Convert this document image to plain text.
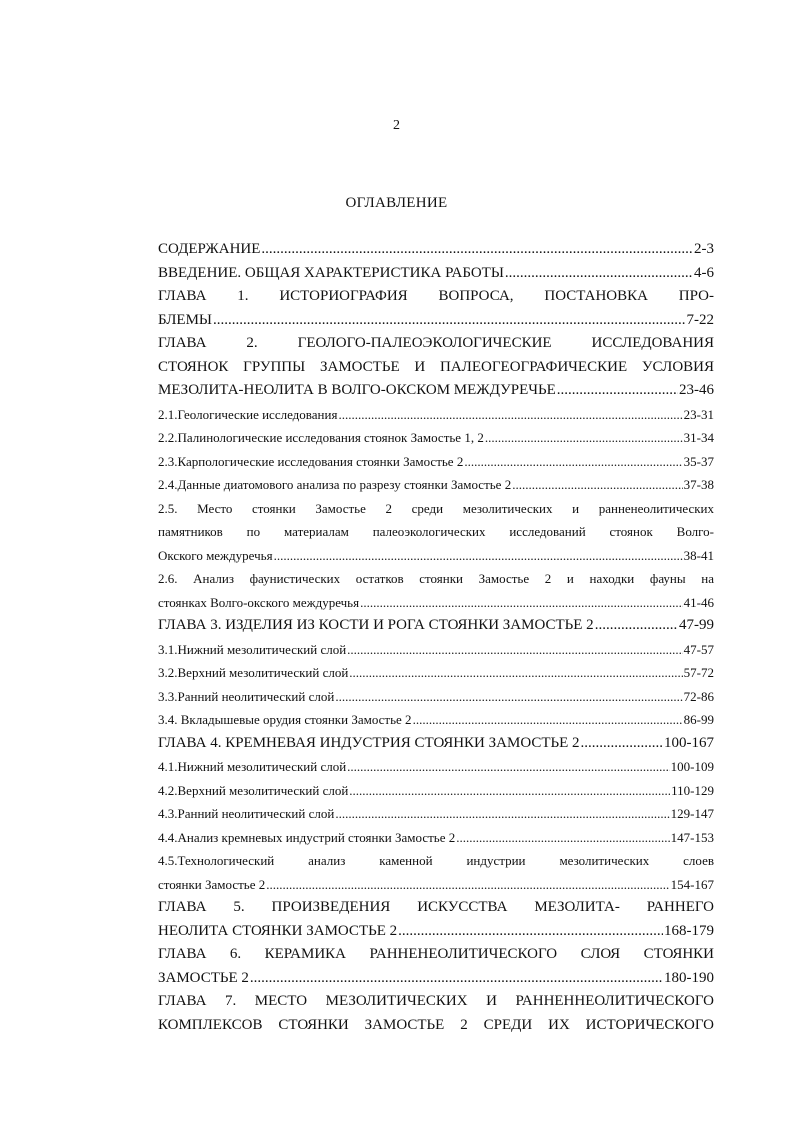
2
ОГЛАВЛЕНИЕ
СОДЕРЖАНИЕ .....	2-3
ВВЕДЕНИЕ. ОБЩАЯ ХАРАКТЕРИСТИКА РАБОТЫ .....	4-6
ГЛАВА 1. ИСТОРИОГРАФИЯ ВОПРОСА, ПОСТАНОВКА ПРО-
БЛЕМЫ .....	7-22
ГЛАВА 2. ГЕОЛОГО-ПАЛЕОЭКОЛОГИЧЕСКИЕ ИССЛЕДОВАНИЯ
СТОЯНОК ГРУППЫ ЗАМОСТЬЕ И ПАЛЕОГЕОГРАФИЧЕСКИЕ УСЛОВИЯ
МЕЗОЛИТА-НЕОЛИТА В ВОЛГО-ОКСКОМ МЕЖДУРЕЧЬЕ .....	23-46
2.1.Геологические исследования .....	23-31
2.2.Палинологические исследования стоянок Замостье 1, 2 .....	31-34
2.3.Карпологические исследования стоянки Замостье 2 .....	35-37
2.4.Данные диатомового анализа по разрезу стоянки Замостье 2 .....	37-38
2.5. Место стоянки Замостье 2 среди мезолитических и ранненеолитических
памятников по материалам палеоэкологических исследований стоянок Волго-
Окского междуречья .....	38-41
2.6. Анализ фаунистических остатков стоянки Замостье 2 и находки фауны на
стоянках Волго-окского междуречья .....	41-46
ГЛАВА 3. ИЗДЕЛИЯ ИЗ КОСТИ И РОГА СТОЯНКИ ЗАМОСТЬЕ 2 .....	47-99
3.1.Нижний мезолитический слой .....	47-57
3.2.Верхний мезолитический слой .....	57-72
3.3.Ранний неолитический слой .....	72-86
3.4. Вкладышевые орудия стоянки Замостье 2 .....	86-99
ГЛАВА 4. КРЕМНЕВАЯ ИНДУСТРИЯ СТОЯНКИ ЗАМОСТЬЕ 2 .....	100-167
4.1.Нижний мезолитический слой .....	100-109
4.2.Верхний мезолитический слой .....	110-129
4.3.Ранний неолитический слой .....	129-147
4.4.Анализ кремневых индустрий стоянки Замостье 2 .....	147-153
4.5.Технологический анализ каменной индустрии мезолитических слоев
стоянки Замостье 2 .....	154-167
ГЛАВА 5. ПРОИЗВЕДЕНИЯ ИСКУССТВА МЕЗОЛИТА- РАННЕГО
НЕОЛИТА СТОЯНКИ ЗАМОСТЬЕ 2 .....	168-179
ГЛАВА 6. КЕРАМИКА РАННЕНЕОЛИТИЧЕСКОГО СЛОЯ СТОЯНКИ
ЗАМОСТЬЕ 2 .....	180-190
ГЛАВА 7. МЕСТО МЕЗОЛИТИЧЕСКИХ И РАННЕННЕОЛИТИЧЕСКОГО
КОМПЛЕКСОВ СТОЯНКИ ЗАМОСТЬЕ 2 СРЕДИ ИХ ИСТОРИЧЕСКОГО
